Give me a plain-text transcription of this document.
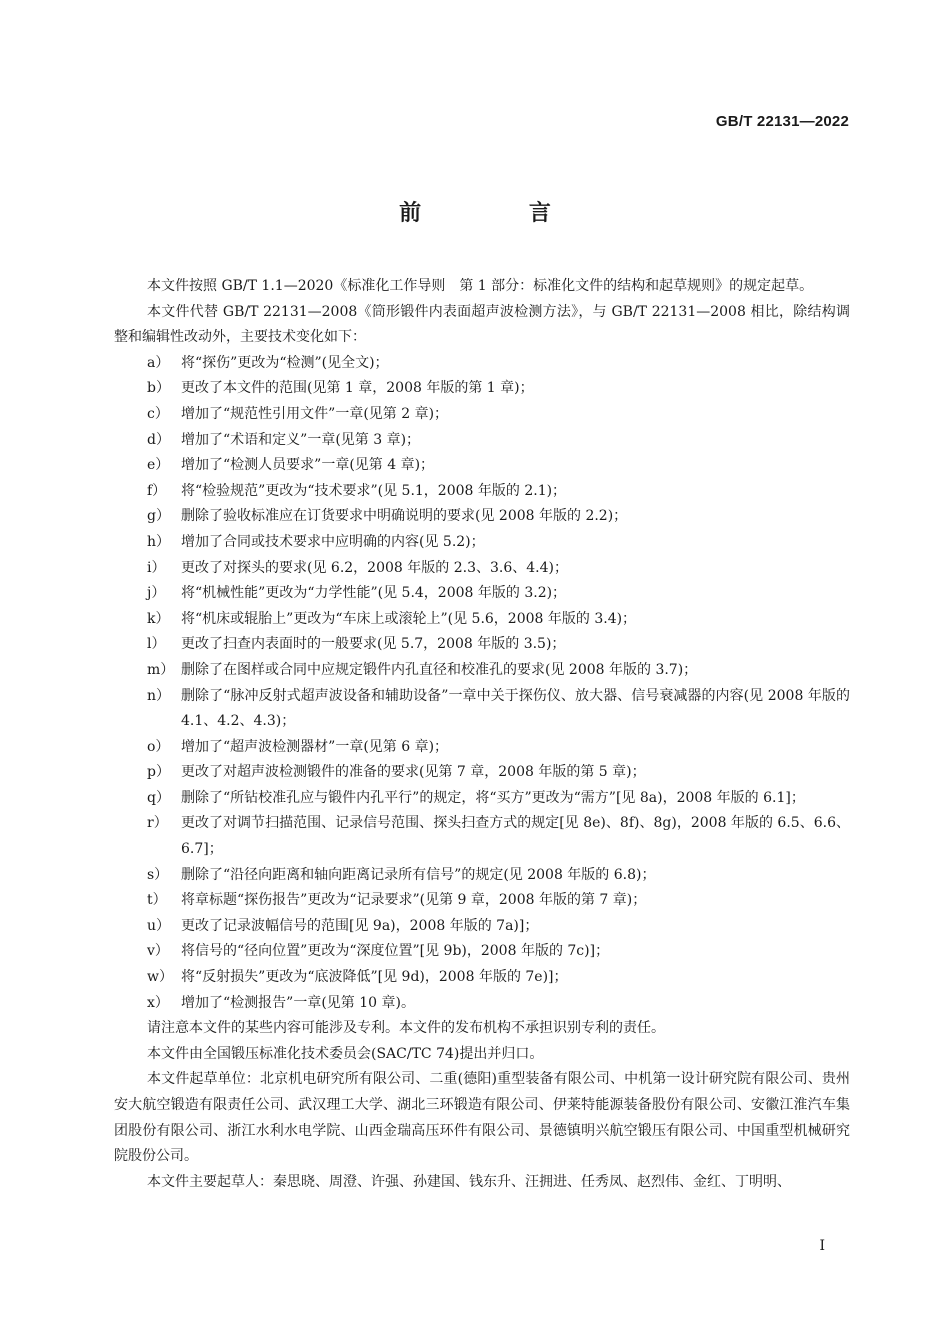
GB/T 22131—2022
前 言

本文件按照 GB/T 1.1—2020《标准化工作导则　第 1 部分：标准化文件的结构和起草规则》的规定起草。

本文件代替 GB/T 22131—2008《筒形锻件内表面超声波检测方法》，与 GB/T 22131—2008 相比，除结构调整和编辑性改动外，主要技术变化如下：

a） 将“探伤”更改为“检测”(见全文)；
b） 更改了本文件的范围(见第 1 章，2008 年版的第 1 章)；
c） 增加了“规范性引用文件”一章(见第 2 章)；
d） 增加了“术语和定义”一章(见第 3 章)；
e） 增加了“检测人员要求”一章(见第 4 章)；
f）	将“检验规范”更改为“技术要求”(见 5.1，2008 年版的 2.1)；
g） 删除了验收标准应在订货要求中明确说明的要求(见 2008 年版的 2.2)；
h） 增加了合同或技术要求中应明确的内容(见 5.2)；
i）	更改了对探头的要求(见 6.2，2008 年版的 2.3、3.6、4.4)；
j）	将“机械性能”更改为“力学性能”(见 5.4，2008 年版的 3.2)；
k） 将“机床或辊胎上”更改为“车床上或滚轮上”(见 5.6，2008 年版的 3.4)；
l）	更改了扫查内表面时的一般要求(见 5.7，2008 年版的 3.5)；
m） 删除了在图样或合同中应规定锻件内孔直径和校准孔的要求(见 2008 年版的 3.7)；
n） 删除了“脉冲反射式超声波设备和辅助设备”一章中关于探伤仪、放大器、信号衰减器的内容(见 2008 年版的 4.1、4.2、4.3)；
o） 增加了“超声波检测器材”一章(见第 6 章)；
p） 更改了对超声波检测锻件的准备的要求(见第 7 章，2008 年版的第 5 章)；
q） 删除了“所钻校准孔应与锻件内孔平行”的规定，将“买方”更改为“需方”[见 8a)，2008 年版的 6.1]；
r） 更改了对调节扫描范围、记录信号范围、探头扫查方式的规定[见 8e)、8f)、8g)，2008 年版的 6.5、6.6、6.7]；
s） 删除了“沿径向距离和轴向距离记录所有信号”的规定(见 2008 年版的 6.8)；
t）	将章标题“探伤报告”更改为“记录要求”(见第 9 章，2008 年版的第 7 章)；
u） 更改了记录波幅信号的范围[见 9a)，2008 年版的 7a)]；
v） 将信号的“径向位置”更改为“深度位置”[见 9b)，2008 年版的 7c)]；
w） 将“反射损失”更改为“底波降低”[见 9d)，2008 年版的 7e)]；
x） 增加了“检测报告”一章(见第 10 章)。

请注意本文件的某些内容可能涉及专利。本文件的发布机构不承担识别专利的责任。

本文件由全国锻压标准化技术委员会(SAC/TC 74)提出并归口。

本文件起草单位：北京机电研究所有限公司、二重(德阳)重型装备有限公司、中机第一设计研究院有限公司、贵州安大航空锻造有限责任公司、武汉理工大学、湖北三环锻造有限公司、伊莱特能源装备股份有限公司、安徽江淮汽车集团股份有限公司、浙江水利水电学院、山西金瑞高压环件有限公司、景德镇明兴航空锻压有限公司、中国重型机械研究院股份公司。

本文件主要起草人：秦思晓、周澄、许强、孙建国、钱东升、汪拥进、任秀凤、赵烈伟、金红、丁明明、

I
